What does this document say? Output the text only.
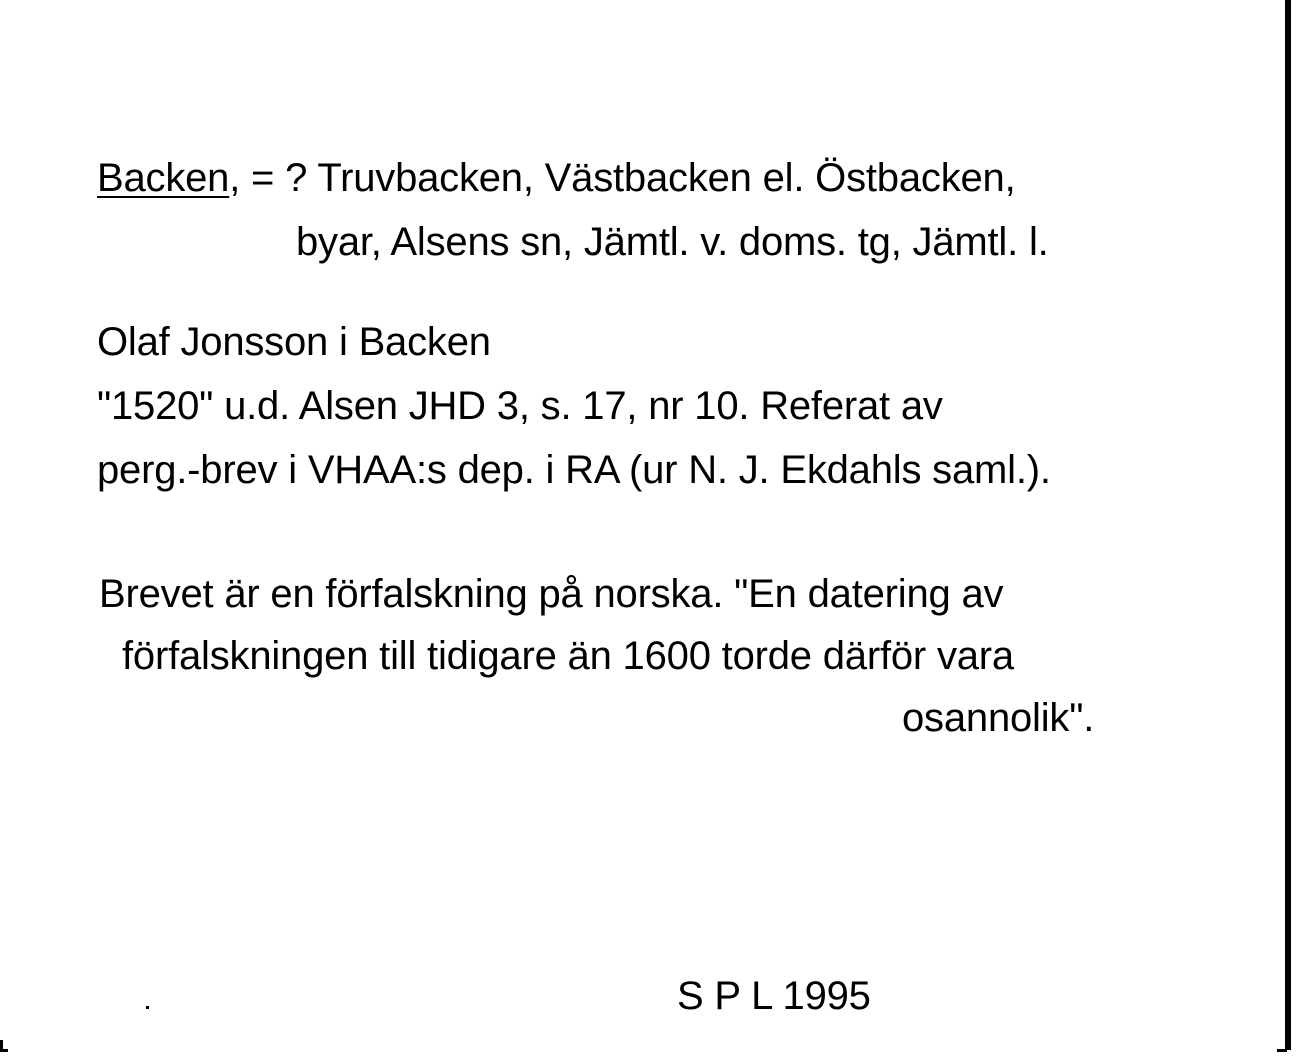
Backen, = ? Truvbacken, Västbacken el. Östbacken,
byar, Alsens sn, Jämtl. v. doms. tg, Jämtl. l.
Olaf Jonsson i Backen
"1520" u.d. Alsen JHD 3, s. 17, nr 10. Referat av
perg.-brev i VHAA:s dep. i RA (ur N. J. Ekdahls saml.).
Brevet är en förfalskning på norska. "En datering av
förfalskningen till tidigare än 1600 torde därför vara
osannolik".
S P L 1995
